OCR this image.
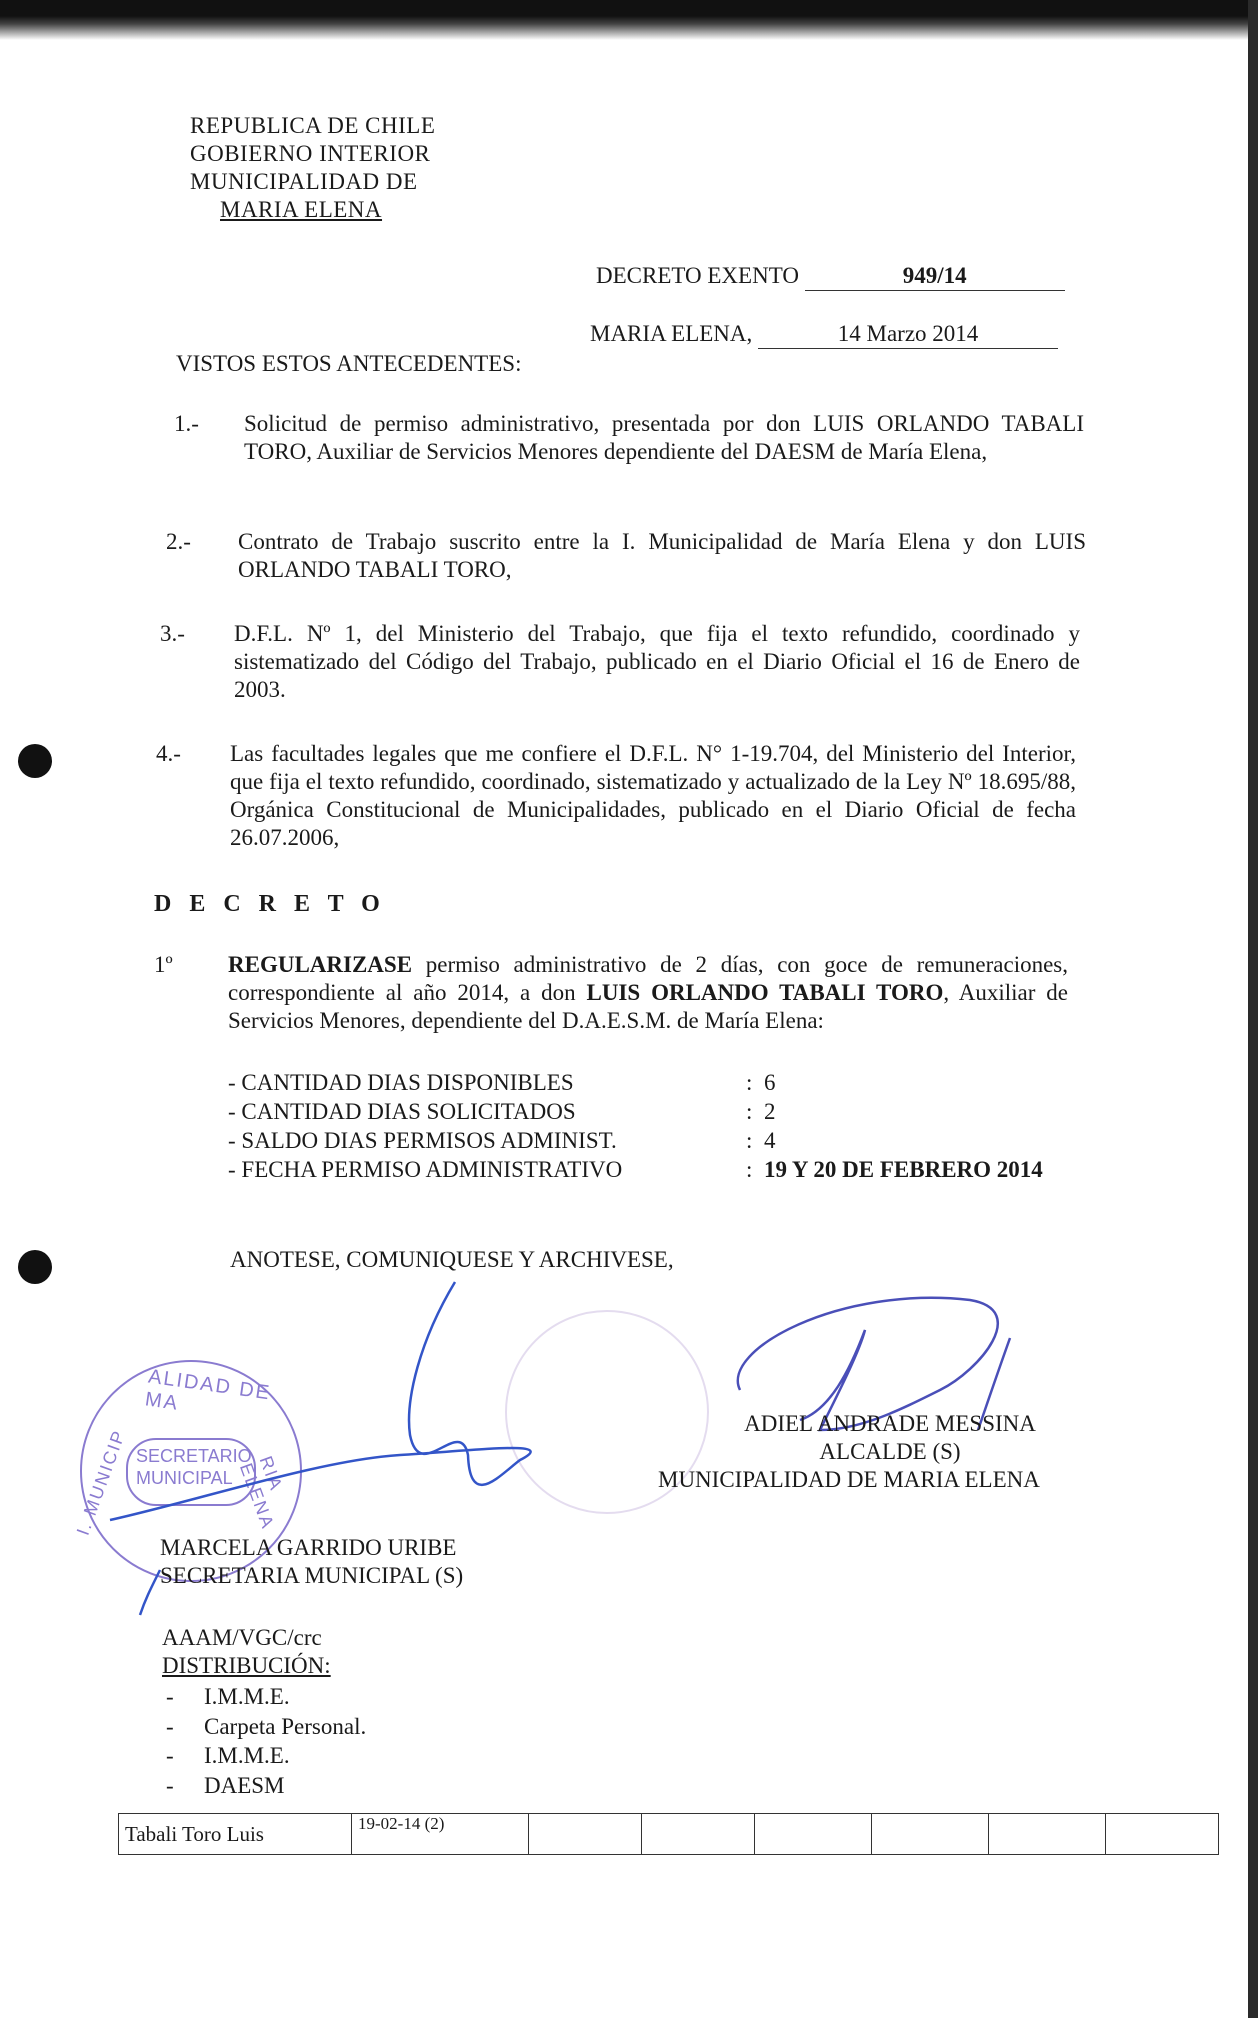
REPUBLICA DE CHILE
GOBIERNO INTERIOR
MUNICIPALIDAD DE
MARIA ELENA
DECRETO EXENTO	949/14
MARIA ELENA,	14 Marzo 2014
VISTOS ESTOS ANTECEDENTES:
1.- Solicitud de permiso administrativo, presentada por don LUIS ORLANDO TABALI TORO, Auxiliar de Servicios Menores dependiente del DAESM de María Elena,
2.- Contrato de Trabajo suscrito entre la I. Municipalidad de María Elena y don LUIS ORLANDO TABALI TORO,
3.- D.F.L. Nº 1, del Ministerio del Trabajo, que fija el texto refundido, coordinado y sistematizado del Código del Trabajo, publicado en el Diario Oficial el 16 de Enero de 2003.
4.- Las facultades legales que me confiere el D.F.L. N° 1-19.704, del Ministerio del Interior, que fija el texto refundido, coordinado, sistematizado y actualizado de la Ley Nº 18.695/88, Orgánica Constitucional de Municipalidades, publicado en el Diario Oficial de fecha 26.07.2006,
D E C R E T O
1º REGULARIZASE permiso administrativo de 2 días, con goce de remuneraciones, correspondiente al año 2014, a don LUIS ORLANDO TABALI TORO, Auxiliar de Servicios Menores, dependiente del D.A.E.S.M. de María Elena:
- CANTIDAD DIAS DISPONIBLES	: 6
- CANTIDAD DIAS SOLICITADOS	: 2
- SALDO DIAS PERMISOS ADMINIST.	: 4
- FECHA PERMISO ADMINISTRATIVO	: 19 Y 20 DE FEBRERO 2014
ANOTESE, COMUNIQUESE Y ARCHIVESE,
ALIDAD DE MA
I. MUNICIP	RIA ELENA
SECRETARIO
MUNICIPAL
ADIEL ANDRADE MESSINA
ALCALDE (S)
MUNICIPALIDAD DE MARIA ELENA
MARCELA GARRIDO URIBE
SECRETARIA MUNICIPAL (S)
AAAM/VGC/crc
DISTRIBUCIÓN:
- I.M.M.E.
- Carpeta Personal.
- I.M.M.E.
- DAESM
Tabali Toro Luis	19-02-14 (2)						
